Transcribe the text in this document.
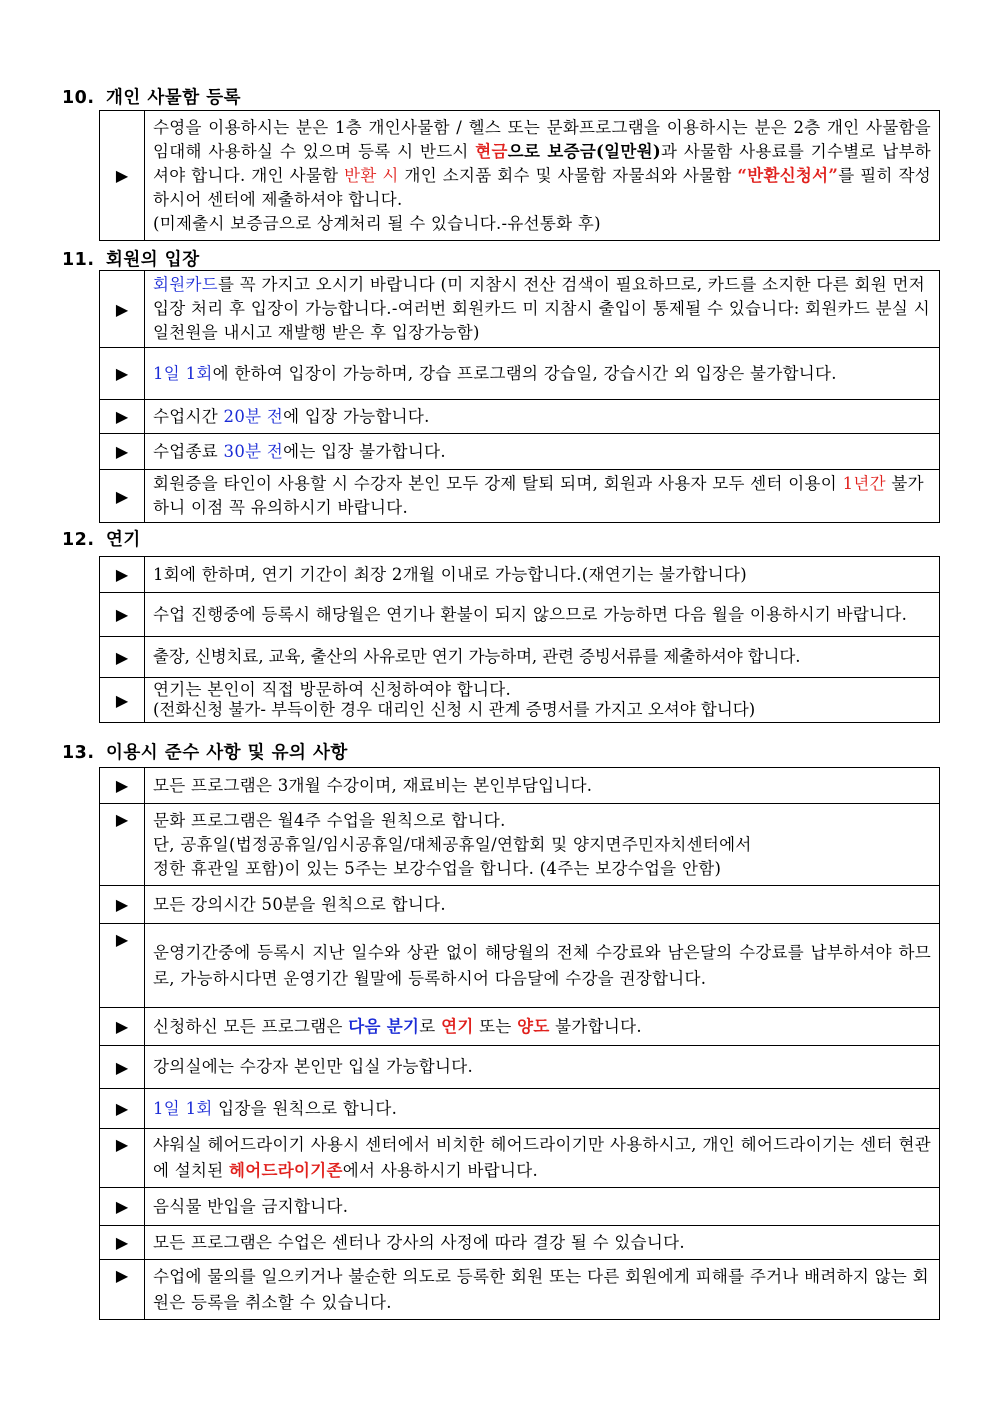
10. 개인 사물함 등록
▶	수영을 이용하시는 분은 1층 개인사물함 / 헬스 또는 문화프로그램을 이용하시는 분은 2층 개인 사물함을 임대해 사용하실 수 있으며 등록 시 반드시 현금으로 보증금(일만원)과 사물함 사용료를 기수별로 납부하셔야 합니다. 개인 사물함 반환 시 개인 소지품 회수 및 사물함 자물쇠와 사물함 “반환신청서”를 필히 작성하시어 센터에 제출하셔야 합니다.
(미제출시 보증금으로 상계처리 될 수 있습니다.-유선통화 후)
11. 회원의 입장
▶	회원카드를 꼭 가지고 오시기 바랍니다 (미 지참시 전산 검색이 필요하므로, 카드를 소지한 다른 회원 먼저 입장 처리 후 입장이 가능합니다.-여러번 회원카드 미 지참시 출입이 통제될 수 있습니다: 회원카드 분실 시 일천원을 내시고 재발행 받은 후 입장가능함)
▶	1일 1회에 한하여 입장이 가능하며, 강습 프로그램의 강습일, 강습시간 외 입장은 불가합니다.
▶	수업시간 20분 전에 입장 가능합니다.
▶	수업종료 30분 전에는 입장 불가합니다.
▶	회원증을 타인이 사용할 시 수강자 본인 모두 강제 탈퇴 되며, 회원과 사용자 모두 센터 이용이 1년간 불가하니 이점 꼭 유의하시기 바랍니다.
12. 연기
▶	1회에 한하며, 연기 기간이 최장 2개월 이내로 가능합니다.(재연기는 불가합니다)
▶	수업 진행중에 등록시 해당월은 연기나 환불이 되지 않으므로 가능하면 다음 월을 이용하시기 바랍니다.
▶	출장, 신병치료, 교육, 출산의 사유로만 연기 가능하며, 관련 증빙서류를 제출하셔야 합니다.
▶	연기는 본인이 직접 방문하여 신청하여야 합니다.
(전화신청 불가- 부득이한 경우 대리인 신청 시 관계 증명서를 가지고 오셔야 합니다)
13. 이용시 준수 사항 및 유의 사항
▶	모든 프로그램은 3개월 수강이며, 재료비는 본인부담입니다.
▶	문화 프로그램은 월4주 수업을 원칙으로 합니다.
단, 공휴일(법정공휴일/임시공휴일/대체공휴일/연합회 및 양지면주민자치센터에서
정한 휴관일 포함)이 있는 5주는 보강수업을 합니다. (4주는 보강수업을 안함)

▶	모든 강의시간 50분을 원칙으로 합니다.
▶	운영기간중에 등록시 지난 일수와 상관 없이 해당월의 전체 수강료와 남은달의 수강료를 납부하셔야 하므로, 가능하시다면 운영기간 월말에 등록하시어 다음달에 수강을 권장합니다.
▶	신청하신 모든 프로그램은 다음 분기로 연기 또는 양도 불가합니다.
▶	강의실에는 수강자 본인만 입실 가능합니다.
▶	1일 1회 입장을 원칙으로 합니다.
▶	샤워실 헤어드라이기 사용시 센터에서 비치한 헤어드라이기만 사용하시고, 개인 헤어드라이기는 센터 현관에 설치된 헤어드라이기존에서 사용하시기 바랍니다.
▶	음식물 반입을 금지합니다.
▶	모든 프로그램은 수업은 센터나 강사의 사정에 따라 결강 될 수 있습니다.
▶	수업에 물의를 일으키거나 불순한 의도로 등록한 회원 또는 다른 회원에게 피해를 주거나 배려하지 않는 회원은 등록을 취소할 수 있습니다.
